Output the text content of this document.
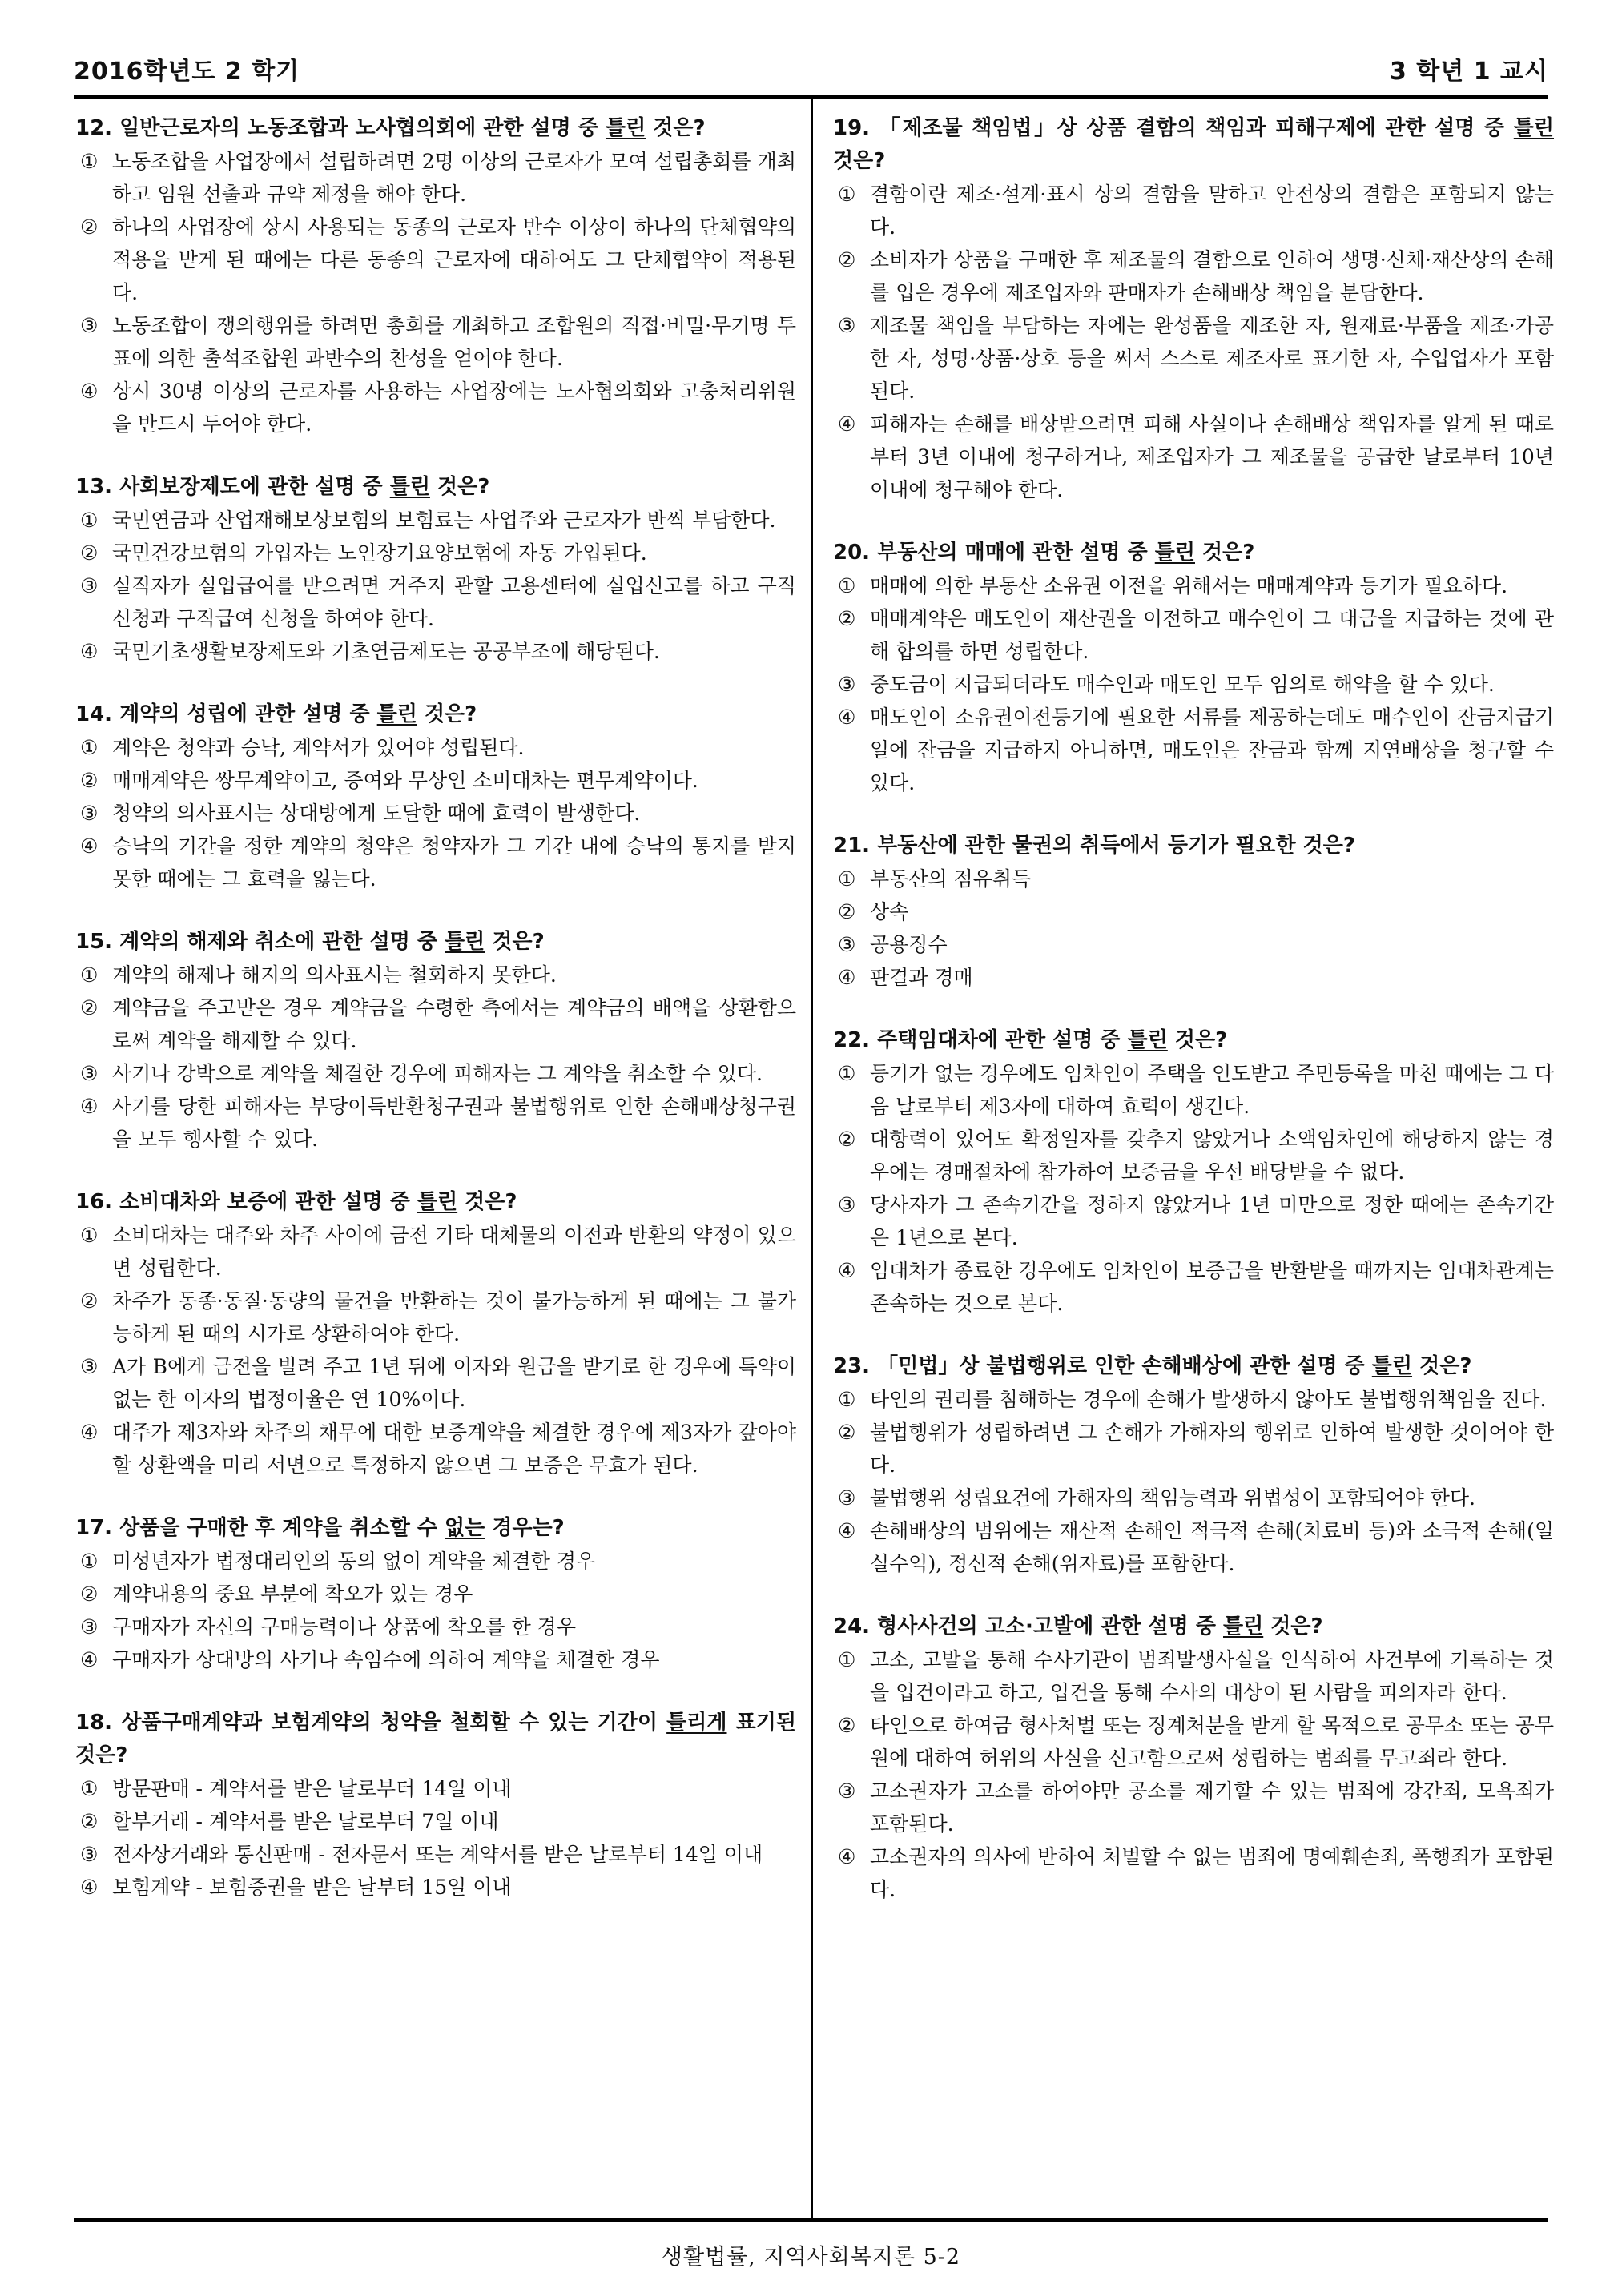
2016학년도 2 학기	3 학년 1 교시
12. 일반근로자의 노동조합과 노사협의회에 관한 설명 중 틀린 것은?
① 노동조합을 사업장에서 설립하려면 2명 이상의 근로자가 모여 설립총회를 개최하고 임원 선출과 규약 제정을 해야 한다.
② 하나의 사업장에 상시 사용되는 동종의 근로자 반수 이상이 하나의 단체협약의 적용을 받게 된 때에는 다른 동종의 근로자에 대하여도 그 단체협약이 적용된다.
③ 노동조합이 쟁의행위를 하려면 총회를 개최하고 조합원의 직접·비밀·무기명 투표에 의한 출석조합원 과반수의 찬성을 얻어야 한다.
④ 상시 30명 이상의 근로자를 사용하는 사업장에는 노사협의회와 고충처리위원을 반드시 두어야 한다.
13. 사회보장제도에 관한 설명 중 틀린 것은?
① 국민연금과 산업재해보상보험의 보험료는 사업주와 근로자가 반씩 부담한다.
② 국민건강보험의 가입자는 노인장기요양보험에 자동 가입된다.
③ 실직자가 실업급여를 받으려면 거주지 관할 고용센터에 실업신고를 하고 구직신청과 구직급여 신청을 하여야 한다.
④ 국민기초생활보장제도와 기초연금제도는 공공부조에 해당된다.
14. 계약의 성립에 관한 설명 중 틀린 것은?
① 계약은 청약과 승낙, 계약서가 있어야 성립된다.
② 매매계약은 쌍무계약이고, 증여와 무상인 소비대차는 편무계약이다.
③ 청약의 의사표시는 상대방에게 도달한 때에 효력이 발생한다.
④ 승낙의 기간을 정한 계약의 청약은 청약자가 그 기간 내에 승낙의 통지를 받지 못한 때에는 그 효력을 잃는다.
15. 계약의 해제와 취소에 관한 설명 중 틀린 것은?
① 계약의 해제나 해지의 의사표시는 철회하지 못한다.
② 계약금을 주고받은 경우 계약금을 수령한 측에서는 계약금의 배액을 상환함으로써 계약을 해제할 수 있다.
③ 사기나 강박으로 계약을 체결한 경우에 피해자는 그 계약을 취소할 수 있다.
④ 사기를 당한 피해자는 부당이득반환청구권과 불법행위로 인한 손해배상청구권을 모두 행사할 수 있다.
16. 소비대차와 보증에 관한 설명 중 틀린 것은?
① 소비대차는 대주와 차주 사이에 금전 기타 대체물의 이전과 반환의 약정이 있으면 성립한다.
② 차주가 동종·동질·동량의 물건을 반환하는 것이 불가능하게 된 때에는 그 불가능하게 된 때의 시가로 상환하여야 한다.
③ A가 B에게 금전을 빌려 주고 1년 뒤에 이자와 원금을 받기로 한 경우에 특약이 없는 한 이자의 법정이율은 연 10%이다.
④ 대주가 제3자와 차주의 채무에 대한 보증계약을 체결한 경우에 제3자가 갚아야 할 상환액을 미리 서면으로 특정하지 않으면 그 보증은 무효가 된다.
17. 상품을 구매한 후 계약을 취소할 수 없는 경우는?
① 미성년자가 법정대리인의 동의 없이 계약을 체결한 경우
② 계약내용의 중요 부분에 착오가 있는 경우
③ 구매자가 자신의 구매능력이나 상품에 착오를 한 경우
④ 구매자가 상대방의 사기나 속임수에 의하여 계약을 체결한 경우
18. 상품구매계약과 보험계약의 청약을 철회할 수 있는 기간이 틀리게 표기된 것은?
① 방문판매 - 계약서를 받은 날로부터 14일 이내
② 할부거래 - 계약서를 받은 날로부터 7일 이내
③ 전자상거래와 통신판매 - 전자문서 또는 계약서를 받은 날로부터 14일 이내
④ 보험계약 - 보험증권을 받은 날부터 15일 이내
19. 「제조물 책임법」상 상품 결함의 책임과 피해구제에 관한 설명 중 틀린 것은?
① 결함이란 제조·설계·표시 상의 결함을 말하고 안전상의 결함은 포함되지 않는다.
② 소비자가 상품을 구매한 후 제조물의 결함으로 인하여 생명·신체·재산상의 손해를 입은 경우에 제조업자와 판매자가 손해배상 책임을 분담한다.
③ 제조물 책임을 부담하는 자에는 완성품을 제조한 자, 원재료·부품을 제조·가공한 자, 성명·상품·상호 등을 써서 스스로 제조자로 표기한 자, 수입업자가 포함된다.
④ 피해자는 손해를 배상받으려면 피해 사실이나 손해배상 책임자를 알게 된 때로부터 3년 이내에 청구하거나, 제조업자가 그 제조물을 공급한 날로부터 10년 이내에 청구해야 한다.
20. 부동산의 매매에 관한 설명 중 틀린 것은?
① 매매에 의한 부동산 소유권 이전을 위해서는 매매계약과 등기가 필요하다.
② 매매계약은 매도인이 재산권을 이전하고 매수인이 그 대금을 지급하는 것에 관해 합의를 하면 성립한다.
③ 중도금이 지급되더라도 매수인과 매도인 모두 임의로 해약을 할 수 있다.
④ 매도인이 소유권이전등기에 필요한 서류를 제공하는데도 매수인이 잔금지급기일에 잔금을 지급하지 아니하면, 매도인은 잔금과 함께 지연배상을 청구할 수 있다.
21. 부동산에 관한 물권의 취득에서 등기가 필요한 것은?
① 부동산의 점유취득
② 상속
③ 공용징수
④ 판결과 경매
22. 주택임대차에 관한 설명 중 틀린 것은?
① 등기가 없는 경우에도 임차인이 주택을 인도받고 주민등록을 마친 때에는 그 다음 날로부터 제3자에 대하여 효력이 생긴다.
② 대항력이 있어도 확정일자를 갖추지 않았거나 소액임차인에 해당하지 않는 경우에는 경매절차에 참가하여 보증금을 우선 배당받을 수 없다.
③ 당사자가 그 존속기간을 정하지 않았거나 1년 미만으로 정한 때에는 존속기간은 1년으로 본다.
④ 임대차가 종료한 경우에도 임차인이 보증금을 반환받을 때까지는 임대차관계는 존속하는 것으로 본다.
23. 「민법」상 불법행위로 인한 손해배상에 관한 설명 중 틀린 것은?
① 타인의 권리를 침해하는 경우에 손해가 발생하지 않아도 불법행위책임을 진다.
② 불법행위가 성립하려면 그 손해가 가해자의 행위로 인하여 발생한 것이어야 한다.
③ 불법행위 성립요건에 가해자의 책임능력과 위법성이 포함되어야 한다.
④ 손해배상의 범위에는 재산적 손해인 적극적 손해(치료비 등)와 소극적 손해(일실수익), 정신적 손해(위자료)를 포함한다.
24. 형사사건의 고소·고발에 관한 설명 중 틀린 것은?
① 고소, 고발을 통해 수사기관이 범죄발생사실을 인식하여 사건부에 기록하는 것을 입건이라고 하고, 입건을 통해 수사의 대상이 된 사람을 피의자라 한다.
② 타인으로 하여금 형사처벌 또는 징계처분을 받게 할 목적으로 공무소 또는 공무원에 대하여 허위의 사실을 신고함으로써 성립하는 범죄를 무고죄라 한다.
③ 고소권자가 고소를 하여야만 공소를 제기할 수 있는 범죄에 강간죄, 모욕죄가 포함된다.
④ 고소권자의 의사에 반하여 처벌할 수 없는 범죄에 명예훼손죄, 폭행죄가 포함된다.
생활법률, 지역사회복지론 5-2
